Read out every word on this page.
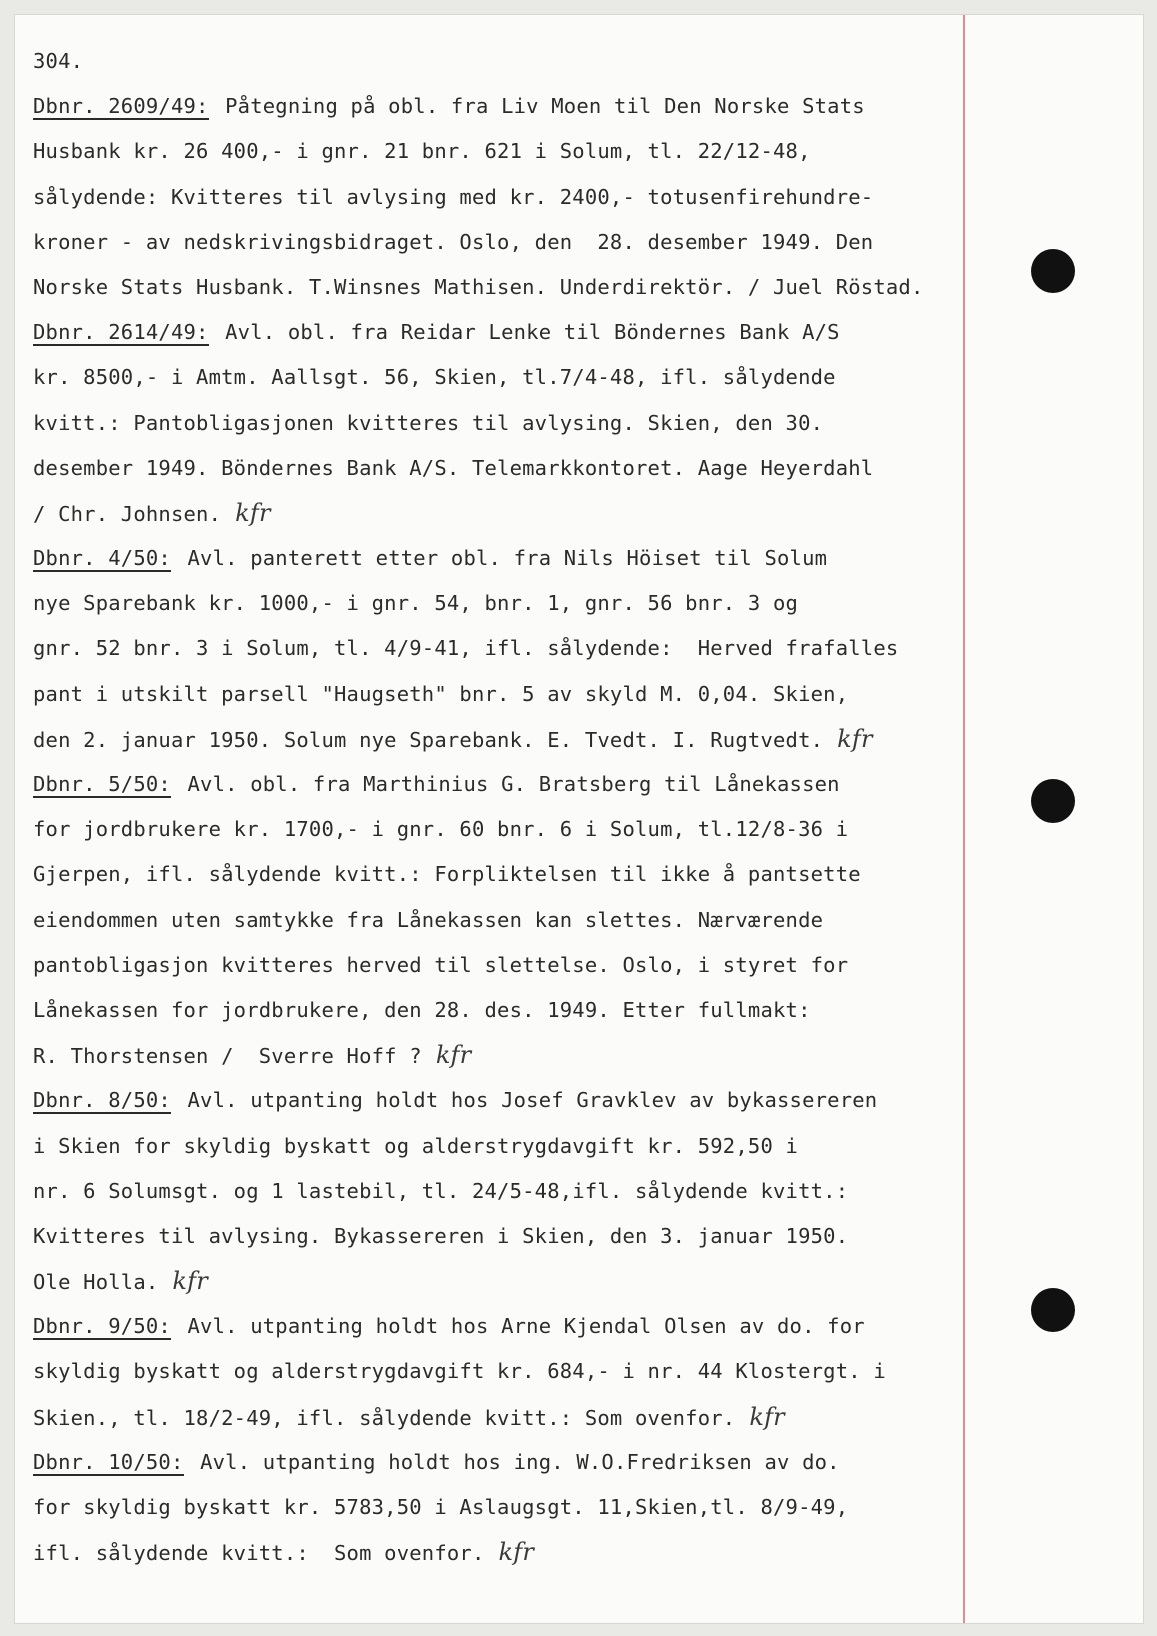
304.
Dbnr. 2609/49: Påtegning på obl. fra Liv Moen til Den Norske Stats
Husbank kr. 26 400,- i gnr. 21 bnr. 621 i Solum, tl. 22/12-48,
sålydende: Kvitteres til avlysing med kr. 2400,- totusenfirehundre-
kroner - av nedskrivingsbidraget. Oslo, den  28. desember 1949. Den
Norske Stats Husbank. T.Winsnes Mathisen. Underdirektör. / Juel Röstad.
Dbnr. 2614/49: Avl. obl. fra Reidar Lenke til Böndernes Bank A/S
kr. 8500,- i Amtm. Aallsgt. 56, Skien, tl.7/4-48, ifl. sålydende
kvitt.: Pantobligasjonen kvitteres til avlysing. Skien, den 30.
desember 1949. Böndernes Bank A/S. Telemarkkontoret. Aage Heyerdahl
/ Chr. Johnsen. kfr
Dbnr. 4/50: Avl. panterett etter obl. fra Nils Höiset til Solum
nye Sparebank kr. 1000,- i gnr. 54, bnr. 1, gnr. 56 bnr. 3 og
gnr. 52 bnr. 3 i Solum, tl. 4/9-41, ifl. sålydende:  Herved frafalles
pant i utskilt parsell "Haugseth" bnr. 5 av skyld M. 0,04. Skien,
den 2. januar 1950. Solum nye Sparebank. E. Tvedt. I. Rugtvedt. kfr
Dbnr. 5/50: Avl. obl. fra Marthinius G. Bratsberg til Lånekassen
for jordbrukere kr. 1700,- i gnr. 60 bnr. 6 i Solum, tl.12/8-36 i
Gjerpen, ifl. sålydende kvitt.: Forpliktelsen til ikke å pantsette
eiendommen uten samtykke fra Lånekassen kan slettes. Nærværende
pantobligasjon kvitteres herved til slettelse. Oslo, i styret for
Lånekassen for jordbrukere, den 28. des. 1949. Etter fullmakt:
R. Thorstensen /  Sverre Hoff ? kfr
Dbnr. 8/50: Avl. utpanting holdt hos Josef Gravklev av bykassereren
i Skien for skyldig byskatt og alderstrygdavgift kr. 592,50 i
nr. 6 Solumsgt. og 1 lastebil, tl. 24/5-48,ifl. sålydende kvitt.:
Kvitteres til avlysing. Bykassereren i Skien, den 3. januar 1950.
Ole Holla. kfr
Dbnr. 9/50: Avl. utpanting holdt hos Arne Kjendal Olsen av do. for
skyldig byskatt og alderstrygdavgift kr. 684,- i nr. 44 Klostergt. i
Skien., tl. 18/2-49, ifl. sålydende kvitt.: Som ovenfor. kfr
Dbnr. 10/50: Avl. utpanting holdt hos ing. W.O.Fredriksen av do.
for skyldig byskatt kr. 5783,50 i Aslaugsgt. 11,Skien,tl. 8/9-49,
ifl. sålydende kvitt.:  Som ovenfor. kfr
